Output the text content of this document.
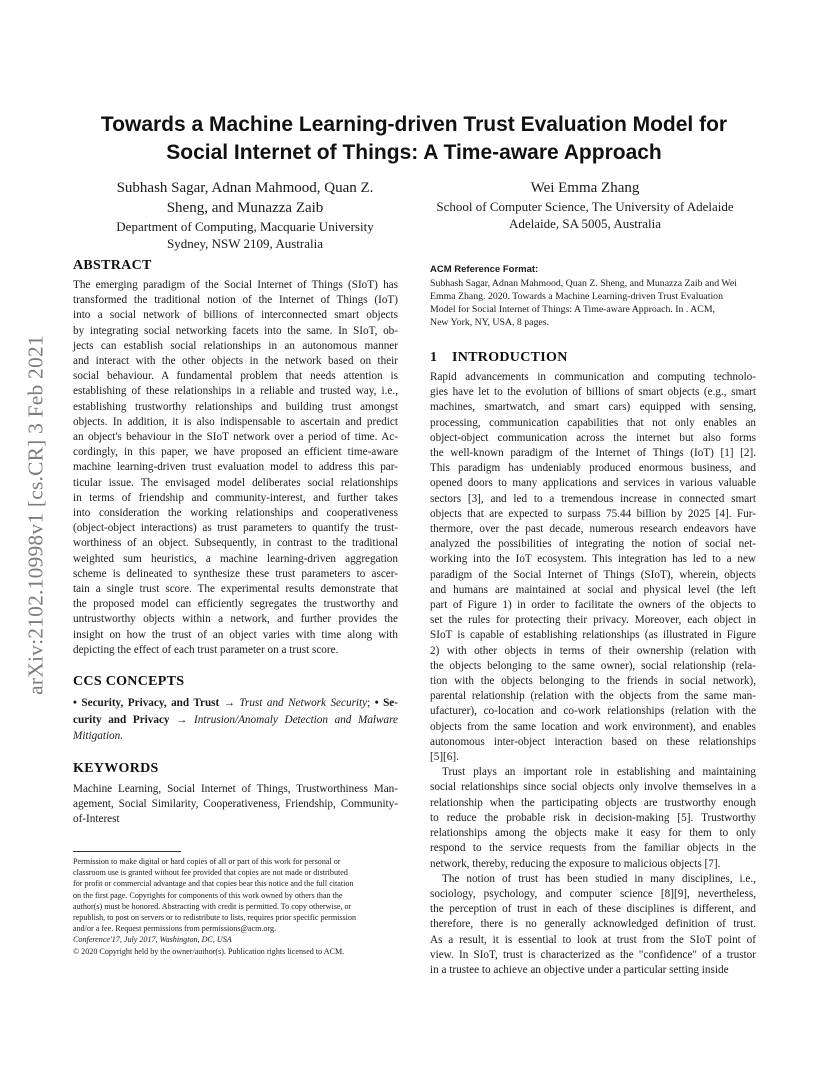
arXiv:2102.10998v1 [cs.CR] 3 Feb 2021
Towards a Machine Learning-driven Trust Evaluation Model for
Social Internet of Things: A Time-aware Approach
Subhash Sagar, Adnan Mahmood, Quan Z.
Sheng, and Munazza Zaib
Department of Computing, Macquarie University
Sydney, NSW 2109, Australia
Wei Emma Zhang
School of Computer Science, The University of Adelaide
Adelaide, SA 5005, Australia
ABSTRACT
The emerging paradigm of the Social Internet of Things (SIoT) has
transformed the traditional notion of the Internet of Things (IoT)
into a social network of billions of interconnected smart objects
by integrating social networking facets into the same. In SIoT, ob-
jects can establish social relationships in an autonomous manner
and interact with the other objects in the network based on their
social behaviour. A fundamental problem that needs attention is
establishing of these relationships in a reliable and trusted way, i.e.,
establishing trustworthy relationships and building trust amongst
objects. In addition, it is also indispensable to ascertain and predict
an object's behaviour in the SIoT network over a period of time. Ac-
cordingly, in this paper, we have proposed an efficient time-aware
machine learning-driven trust evaluation model to address this par-
ticular issue. The envisaged model deliberates social relationships
in terms of friendship and community-interest, and further takes
into consideration the working relationships and cooperativeness
(object-object interactions) as trust parameters to quantify the trust-
worthiness of an object. Subsequently, in contrast to the traditional
weighted sum heuristics, a machine learning-driven aggregation
scheme is delineated to synthesize these trust parameters to ascer-
tain a single trust score. The experimental results demonstrate that
the proposed model can efficiently segregates the trustworthy and
untrustworthy objects within a network, and further provides the
insight on how the trust of an object varies with time along with
depicting the effect of each trust parameter on a trust score.
CCS CONCEPTS
• Security, Privacy, and Trust → Trust and Network Security; • Se-
curity and Privacy → Intrusion/Anomaly Detection and Malware
Mitigation.
KEYWORDS
Machine Learning, Social Internet of Things, Trustworthiness Man-
agement, Social Similarity, Cooperativeness, Friendship, Community-
of-Interest
Permission to make digital or hard copies of all or part of this work for personal or
classroom use is granted without fee provided that copies are not made or distributed
for profit or commercial advantage and that copies bear this notice and the full citation
on the first page. Copyrights for components of this work owned by others than the
author(s) must be honored. Abstracting with credit is permitted. To copy otherwise, or
republish, to post on servers or to redistribute to lists, requires prior specific permission
and/or a fee. Request permissions from permissions@acm.org.
Conference'17, July 2017, Washington, DC, USA
© 2020 Copyright held by the owner/author(s). Publication rights licensed to ACM.
ACM Reference Format:
Subhash Sagar, Adnan Mahmood, Quan Z. Sheng, and Munazza Zaib and Wei
Emma Zhang. 2020. Towards a Machine Learning-driven Trust Evaluation
Model for Social Internet of Things: A Time-aware Approach. In . ACM,
New York, NY, USA, 8 pages.
1 INTRODUCTION
Rapid advancements in communication and computing technolo-
gies have let to the evolution of billions of smart objects (e.g., smart
machines, smartwatch, and smart cars) equipped with sensing,
processing, communication capabilities that not only enables an
object-object communication across the internet but also forms
the well-known paradigm of the Internet of Things (IoT) [1] [2].
This paradigm has undeniably produced enormous business, and
opened doors to many applications and services in various valuable
sectors [3], and led to a tremendous increase in connected smart
objects that are expected to surpass 75.44 billion by 2025 [4]. Fur-
thermore, over the past decade, numerous research endeavors have
analyzed the possibilities of integrating the notion of social net-
working into the IoT ecosystem. This integration has led to a new
paradigm of the Social Internet of Things (SIoT), wherein, objects
and humans are maintained at social and physical level (the left
part of Figure 1) in order to facilitate the owners of the objects to
set the rules for protecting their privacy. Moreover, each object in
SIoT is capable of establishing relationships (as illustrated in Figure
2) with other objects in terms of their ownership (relation with
the objects belonging to the same owner), social relationship (rela-
tion with the objects belonging to the friends in social network),
parental relationship (relation with the objects from the same man-
ufacturer), co-location and co-work relationships (relation with the
objects from the same location and work environment), and enables
autonomous inter-object interaction based on these relationships
[5][6].
Trust plays an important role in establishing and maintaining
social relationships since social objects only involve themselves in a
relationship when the participating objects are trustworthy enough
to reduce the probable risk in decision-making [5]. Trustworthy
relationships among the objects make it easy for them to only
respond to the service requests from the familiar objects in the
network, thereby, reducing the exposure to malicious objects [7].
The notion of trust has been studied in many disciplines, i.e.,
sociology, psychology, and computer science [8][9], nevertheless,
the perception of trust in each of these disciplines is different, and
therefore, there is no generally acknowledged definition of trust.
As a result, it is essential to look at trust from the SIoT point of
view. In SIoT, trust is characterized as the "confidence" of a trustor
in a trustee to achieve an objective under a particular setting inside
